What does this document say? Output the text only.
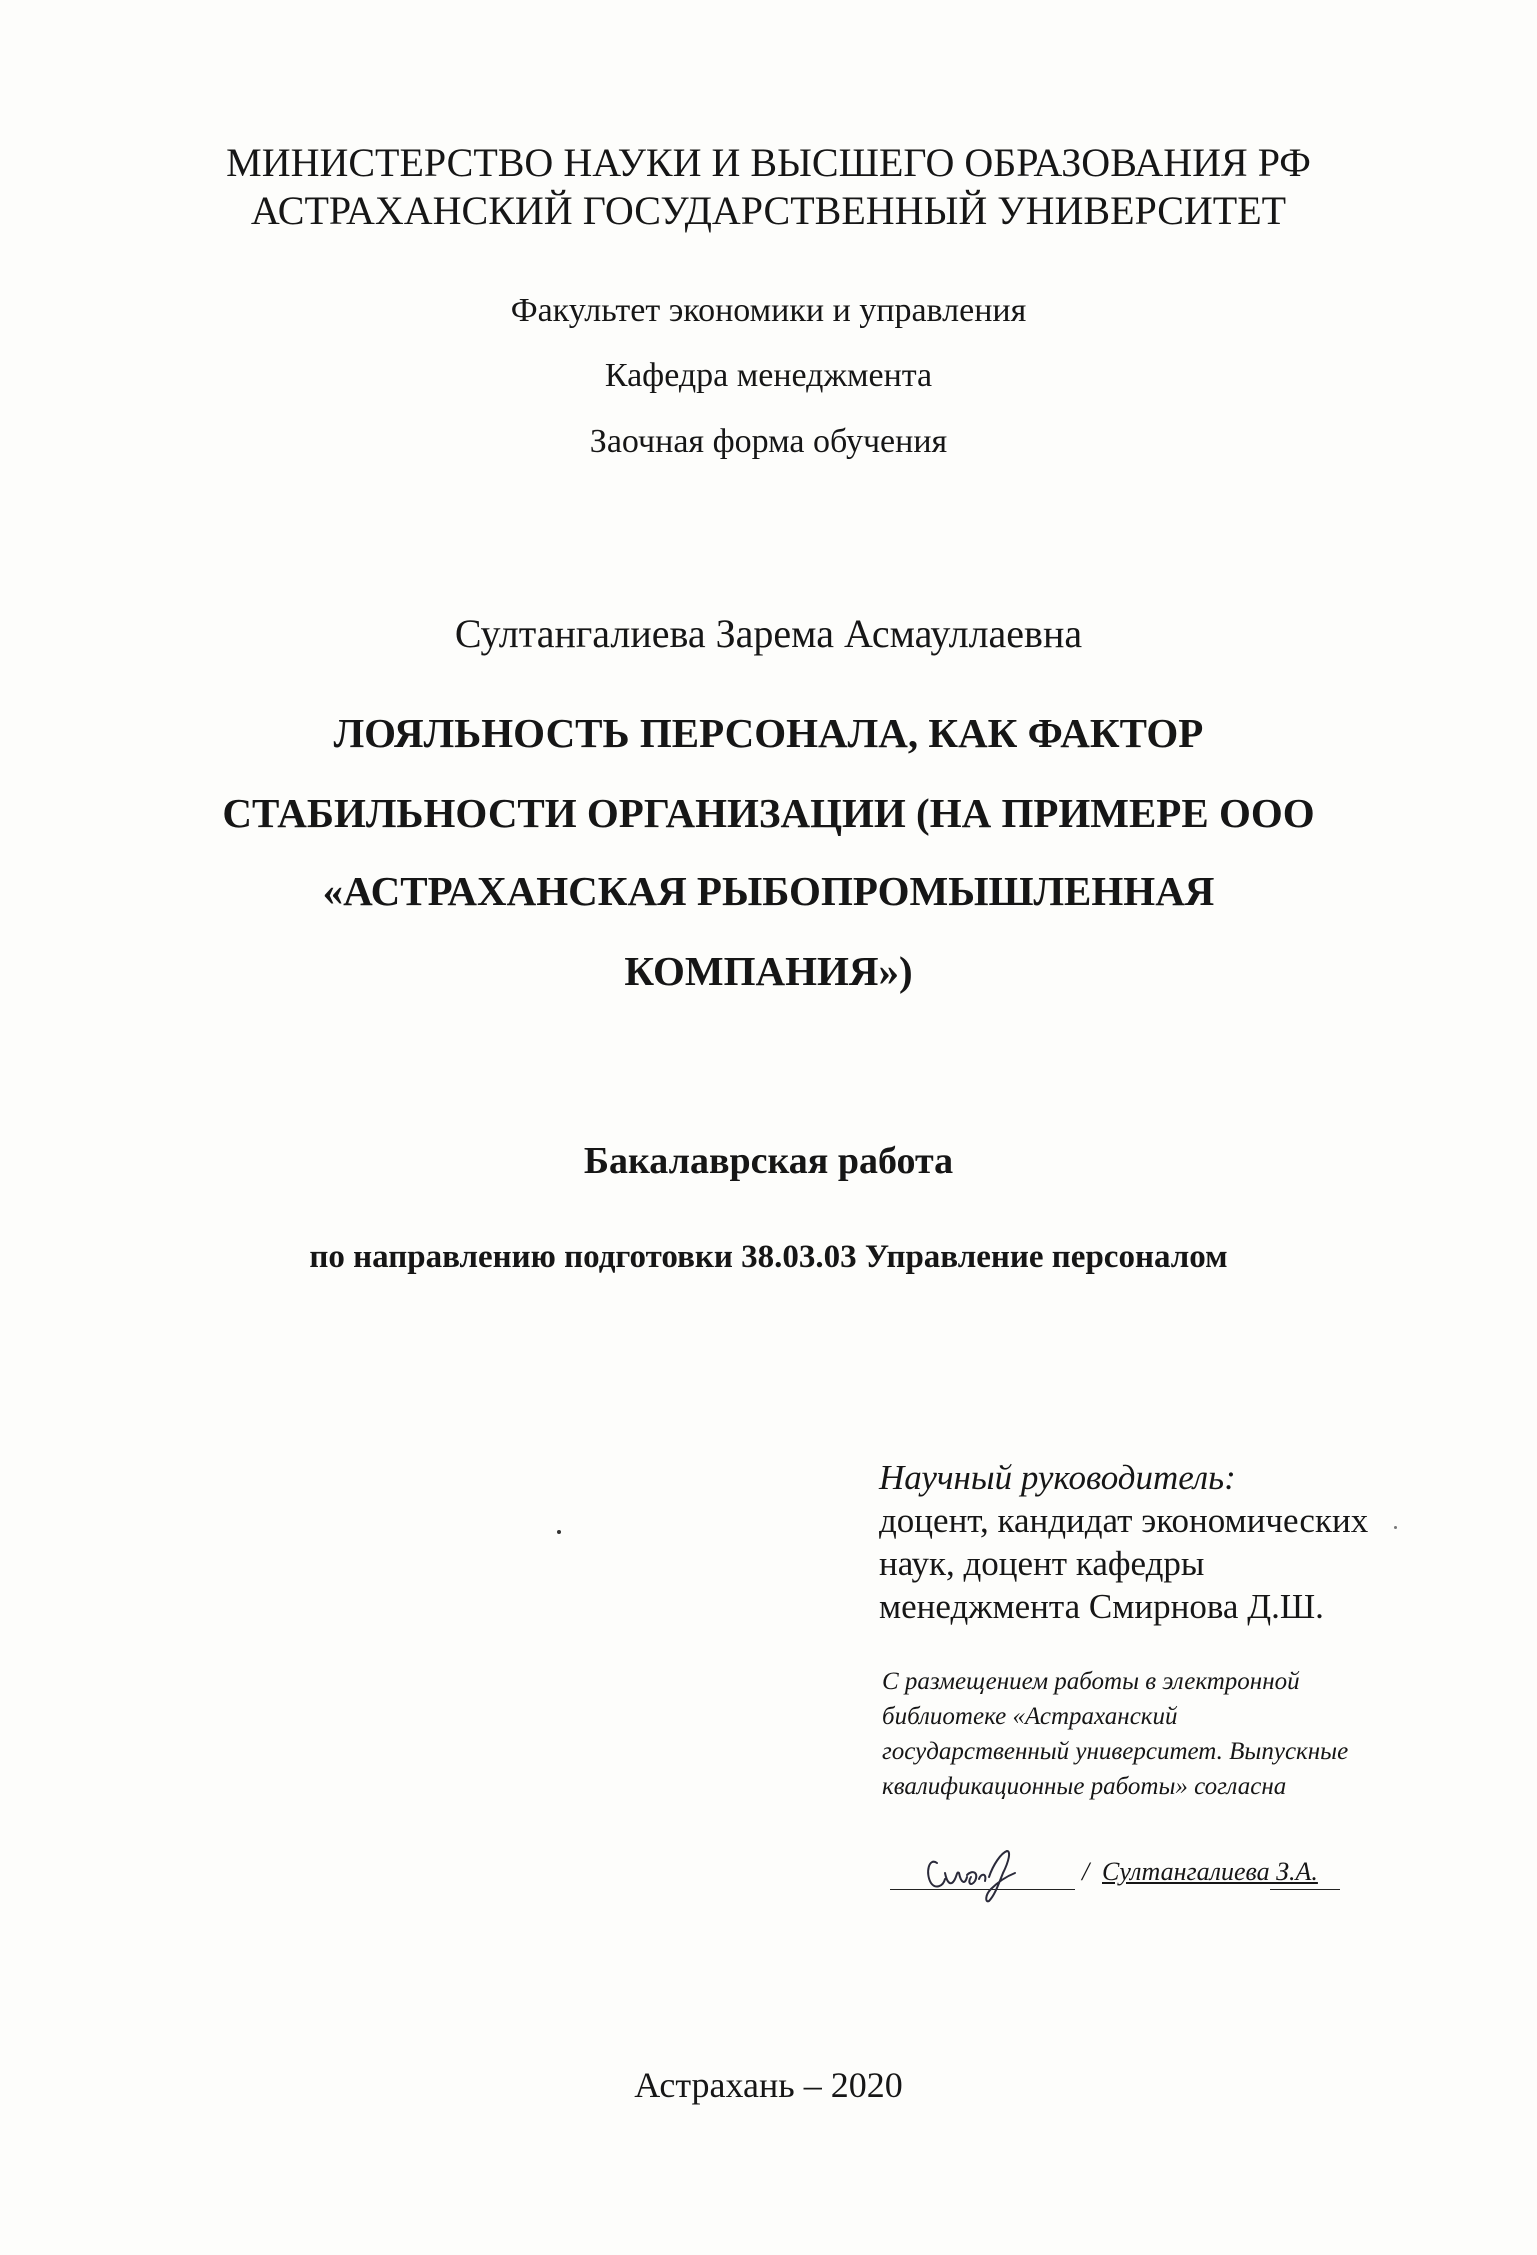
МИНИСТЕРСТВО НАУКИ И ВЫСШЕГО ОБРАЗОВАНИЯ РФ
АСТРАХАНСКИЙ ГОСУДАРСТВЕННЫЙ УНИВЕРСИТЕТ
Факультет экономики и управления
Кафедра менеджмента
Заочная форма обучения
Султангалиева Зарема Асмауллаевна
ЛОЯЛЬНОСТЬ ПЕРСОНАЛА, КАК ФАКТОР
СТАБИЛЬНОСТИ ОРГАНИЗАЦИИ (НА ПРИМЕРЕ ООО
«АСТРАХАНСКАЯ РЫБОПРОМЫШЛЕННАЯ
КОМПАНИЯ»)
Бакалаврская работа
по направлению подготовки 38.03.03 Управление персоналом
Научный руководитель:
доцент, кандидат экономических
наук, доцент кафедры
менеджмента Смирнова Д.Ш.
С размещением работы в электронной
библиотеке «Астраханский
государственный университет. Выпускные
квалификационные работы» согласна
/ Султангалиева З.А.
Астрахань – 2020
